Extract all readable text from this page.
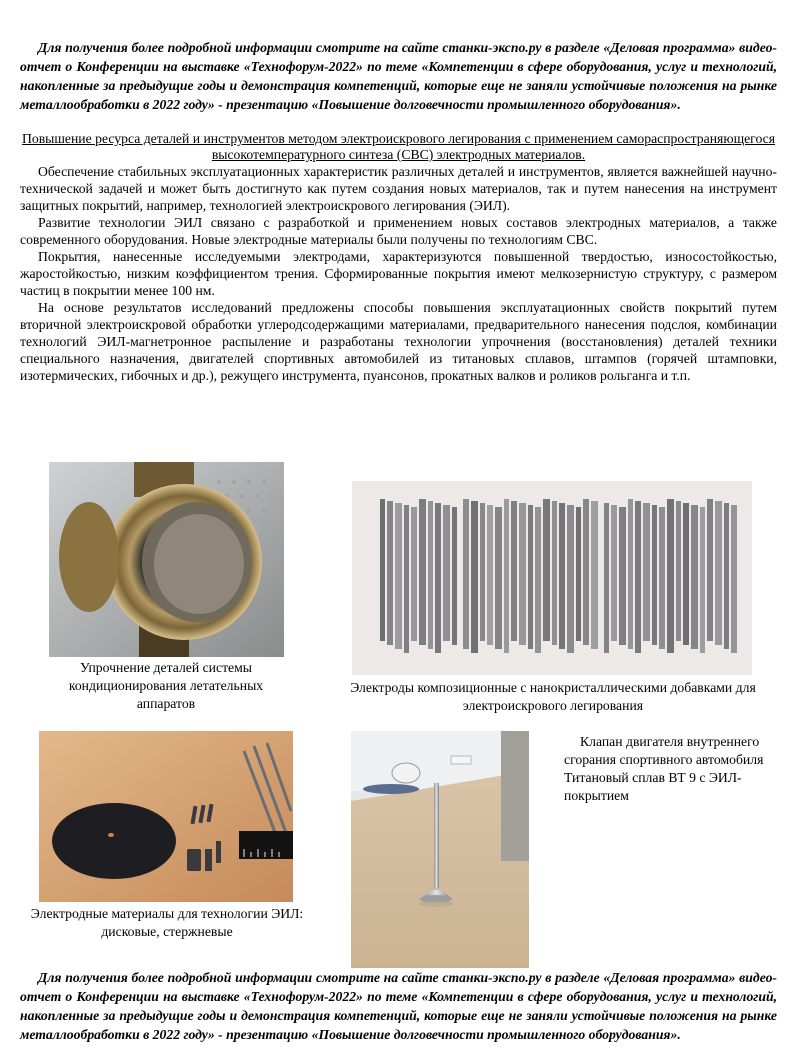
Для получения более подробной информации смотрите на сайте станки-экспо.ру в разделе «Деловая программа» видео-отчет о Конференции на выставке «Технофорум-2022» по теме «Компетенции в сфере оборудования, услуг и технологий, накопленные за предыдущие годы и демонстрация компетенций, которые еще не заняли устойчивые положения на рынке металлообработки в 2022 году» - презентацию «Повышение долговечности промышленного оборудования».

Повышение ресурса деталей и инструментов методом электроискрового легирования с применением самораспространяющегося высокотемпературного синтеза (СВС) электродных материалов.

Обеспечение стабильных эксплуатационных характеристик различных деталей и инструментов, является важнейшей научно-технической задачей и может быть достигнуто как путем создания новых материалов, так и путем нанесения на инструмент защитных покрытий, например, технологией электроискрового легирования (ЭИЛ).

Развитие технологии ЭИЛ связано с разработкой и применением новых составов электродных материалов, а также современного оборудования. Новые электродные материалы были получены по технологиям СВС.

Покрытия, нанесенные исследуемыми электродами, характеризуются повышенной твердостью, износостойкостью, жаростойкостью, низким коэффициентом трения. Сформированные покрытия имеют мелкозернистую структуру, с размером частиц в покрытии менее 100 нм.

На основе результатов исследований предложены способы повышения эксплуатационных свойств покрытий путем вторичной электроискровой обработки углеродсодержащими материалами, предварительного нанесения подслоя, комбинации технологий ЭИЛ-магнетронное распыление и разработаны технологии упрочнения (восстановления) деталей техники специального назначения, двигателей спортивных автомобилей из титановых сплавов, штампов (горячей штамповки, изотермических, гибочных и др.), режущего инструмента, пуансонов, прокатных валков и роликов рольганга и т.п.

Упрочнение деталей системы кондиционирования летательных аппаратов
Электроды композиционные с нанокристаллическими добавками для электроискрового легирования
Электродные материалы для технологии ЭИЛ: дисковые, стержневые
Клапан двигателя внутреннего сгорания спортивного автомобиля Титановый сплав ВТ 9 с ЭИЛ-покрытием

Для получения более подробной информации смотрите на сайте станки-экспо.ру в разделе «Деловая программа» видео-отчет о Конференции на выставке «Технофорум-2022» по теме «Компетенции в сфере оборудования, услуг и технологий, накопленные за предыдущие годы и демонстрация компетенций, которые еще не заняли устойчивые положения на рынке металлообработки в 2022 году» - презентацию «Повышение долговечности промышленного оборудования».
